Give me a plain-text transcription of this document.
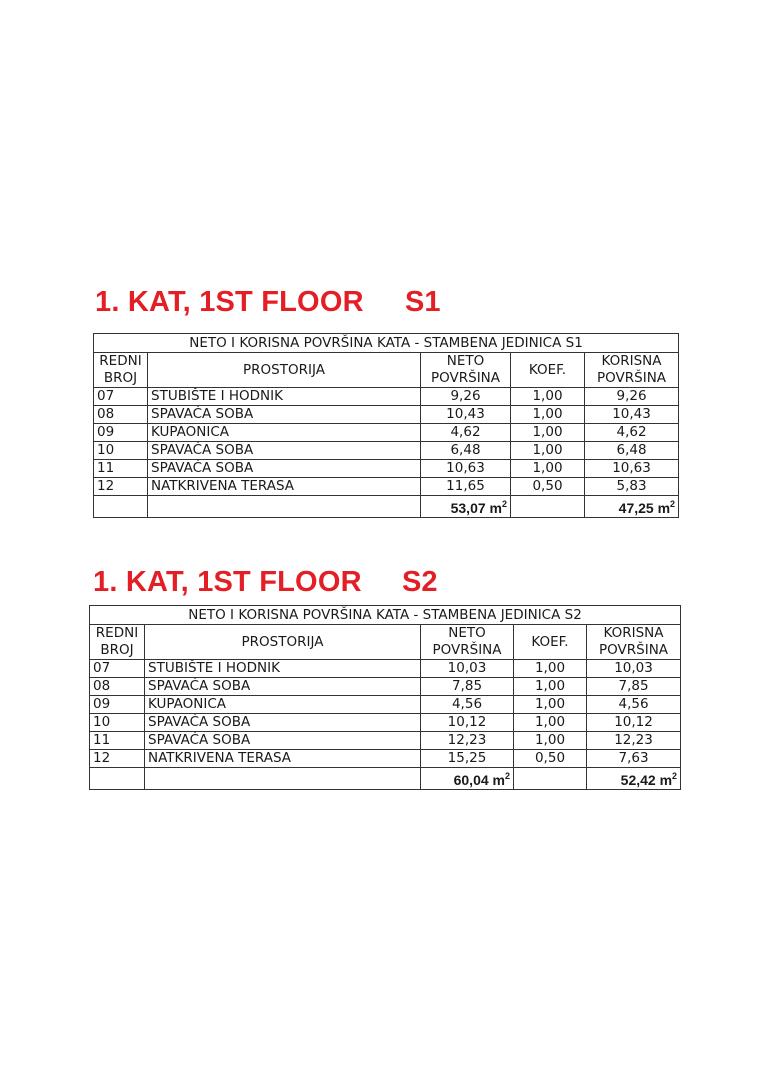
1. KAT, 1ST FLOOR S1
NETO I KORISNA POVRŠINA KATA - STAMBENA JEDINICA S1				
REDNI BROJ	PROSTORIJA	NETO POVRŠINA	KOEF.	KORISNA POVRŠINA
07	STUBIŠTE I HODNIK	9,26	1,00	9,26
08	SPAVAĆA SOBA	10,43	1,00	10,43
09	KUPAONICA	4,62	1,00	4,62
10	SPAVAĆA SOBA	6,48	1,00	6,48
11	SPAVAĆA SOBA	10,63	1,00	10,63
12	NATKRIVENA TERASA	11,65	0,50	5,83
		53,07 $m^2$		47,25 $m^2$
1. KAT, 1ST FLOOR S2
NETO I KORISNA POVRŠINA KATA - STAMBENA JEDINICA S2				
REDNI BROJ	PROSTORIJA	NETO POVRŠINA	KOEF.	KORISNA POVRŠINA
07	STUBIŠTE I HODNIK	10,03	1,00	10,03
08	SPAVAĆA SOBA	7,85	1,00	7,85
09	KUPAONICA	4,56	1,00	4,56
10	SPAVAĆA SOBA	10,12	1,00	10,12
11	SPAVAĆA SOBA	12,23	1,00	12,23
12	NATKRIVENA TERASA	15,25	0,50	7,63
		60,04 $m^2$		52,42 $m^2$
